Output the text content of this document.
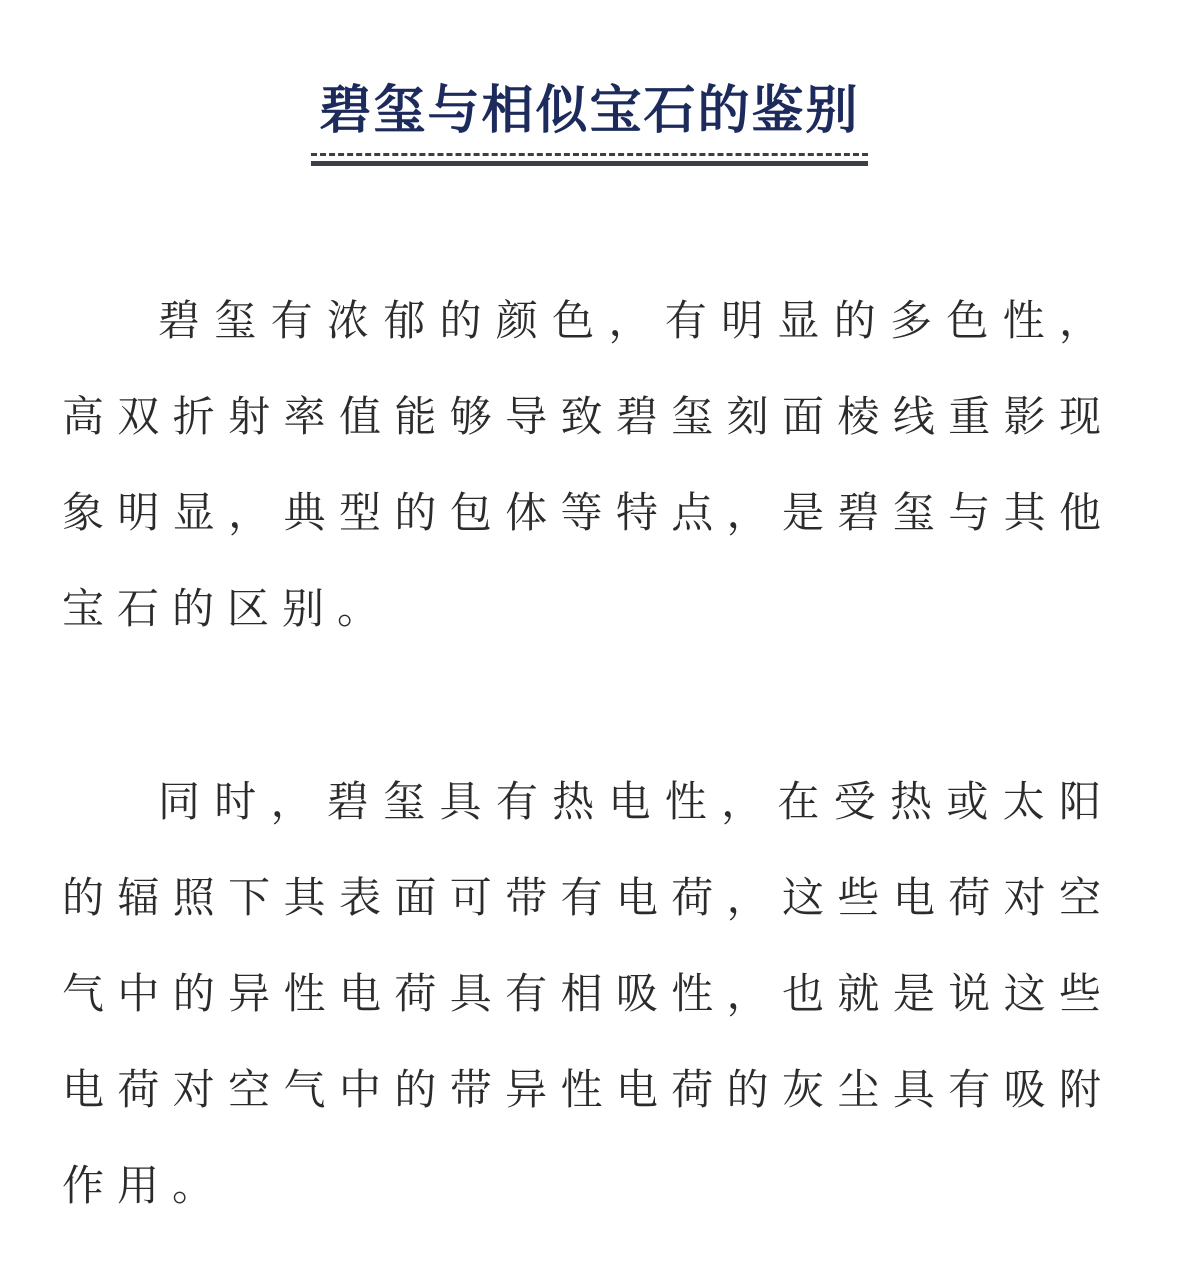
碧玺与相似宝石的鉴别

碧玺有浓郁的颜色，有明显的多色性，高双折射率值能够导致碧玺刻面棱线重影现象明显，典型的包体等特点，是碧玺与其他宝石的区别。

同时，碧玺具有热电性，在受热或太阳的辐照下其表面可带有电荷，这些电荷对空气中的异性电荷具有相吸性，也就是说这些电荷对空气中的带异性电荷的灰尘具有吸附作用。
